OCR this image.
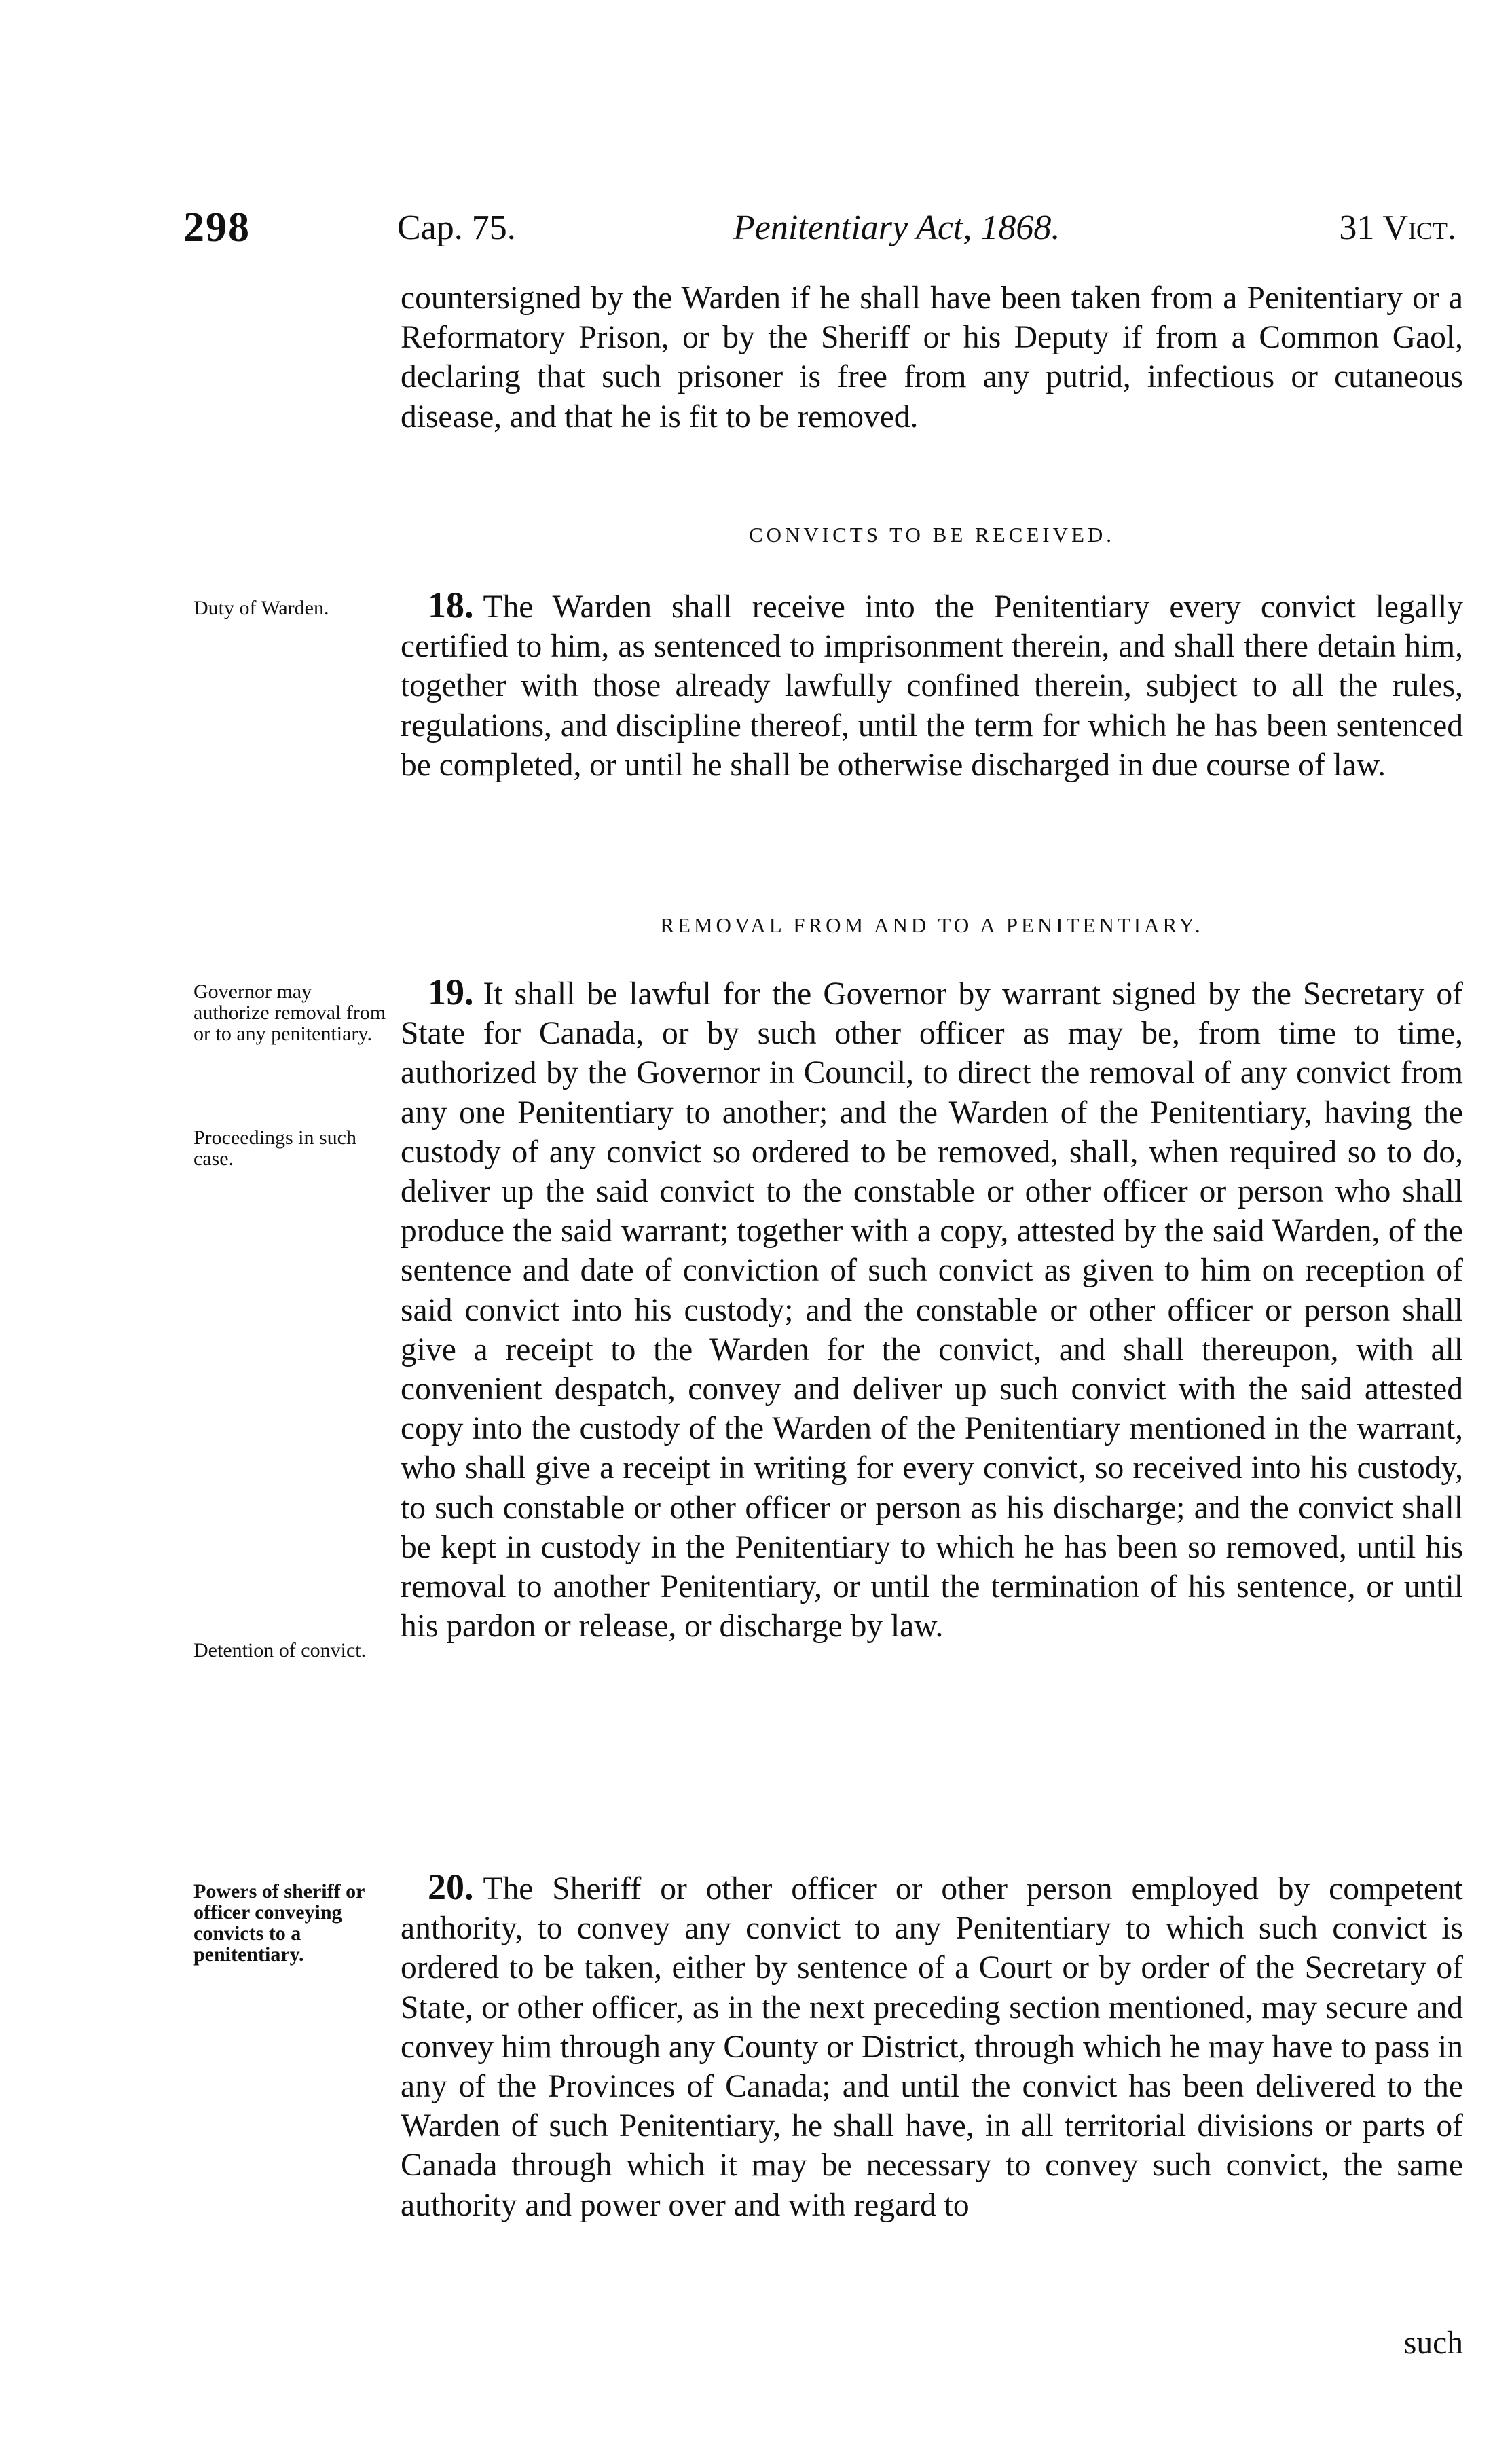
298	Cap. 75.	Penitentiary Act, 1868.	31 Vict.

countersigned by the Warden if he shall have been taken from a Penitentiary or a Reformatory Prison, or by the Sheriff or his Deputy if from a Common Gaol, declaring that such prisoner is free from any putrid, infectious or cutaneous disease, and that he is fit to be removed.

CONVICTS TO BE RECEIVED.
Duty of Warden.	18. The Warden shall receive into the Penitentiary every convict legally certified to him, as sentenced to imprisonment therein, and shall there detain him, together with those already lawfully confined therein, subject to all the rules, regulations, and discipline thereof, until the term for which he has been sentenced be completed, or until he shall be otherwise discharged in due course of law.

REMOVAL FROM AND TO A PENITENTIARY.
Governor may authorize removal from or to any penitentiary.
Proceedings in such case.
Detention of convict.

19. It shall be lawful for the Governor by warrant signed by the Secretary of State for Canada, or by such other officer as may be, from time to time, authorized by the Governor in Council, to direct the removal of any convict from any one Penitentiary to another; and the Warden of the Penitentiary, having the custody of any convict so ordered to be removed, shall, when required so to do, deliver up the said convict to the constable or other officer or person who shall produce the said warrant; together with a copy, attested by the said Warden, of the sentence and date of conviction of such convict as given to him on reception of said convict into his custody; and the constable or other officer or person shall give a receipt to the Warden for the convict, and shall thereupon, with all convenient despatch, convey and deliver up such convict with the said attested copy into the custody of the Warden of the Penitentiary mentioned in the warrant, who shall give a receipt in writing for every convict, so received into his custody, to such constable or other officer or person as his discharge; and the convict shall be kept in custody in the Penitentiary to which he has been so removed, until his removal to another Penitentiary, or until the termination of his sentence, or until his pardon or release, or discharge by law.

Powers of sheriff or officer conveying convicts to a penitentiary.

20. The Sheriff or other officer or other person employed by competent anthority, to convey any convict to any Penitentiary to which such convict is ordered to be taken, either by sentence of a Court or by order of the Secretary of State, or other officer, as in the next preceding section mentioned, may secure and convey him through any County or District, through which he may have to pass in any of the Provinces of Canada; and until the convict has been delivered to the Warden of such Penitentiary, he shall have, in all territorial divisions or parts of Canada through which it may be necessary to convey such convict, the same authority and power over and with regard to

such
